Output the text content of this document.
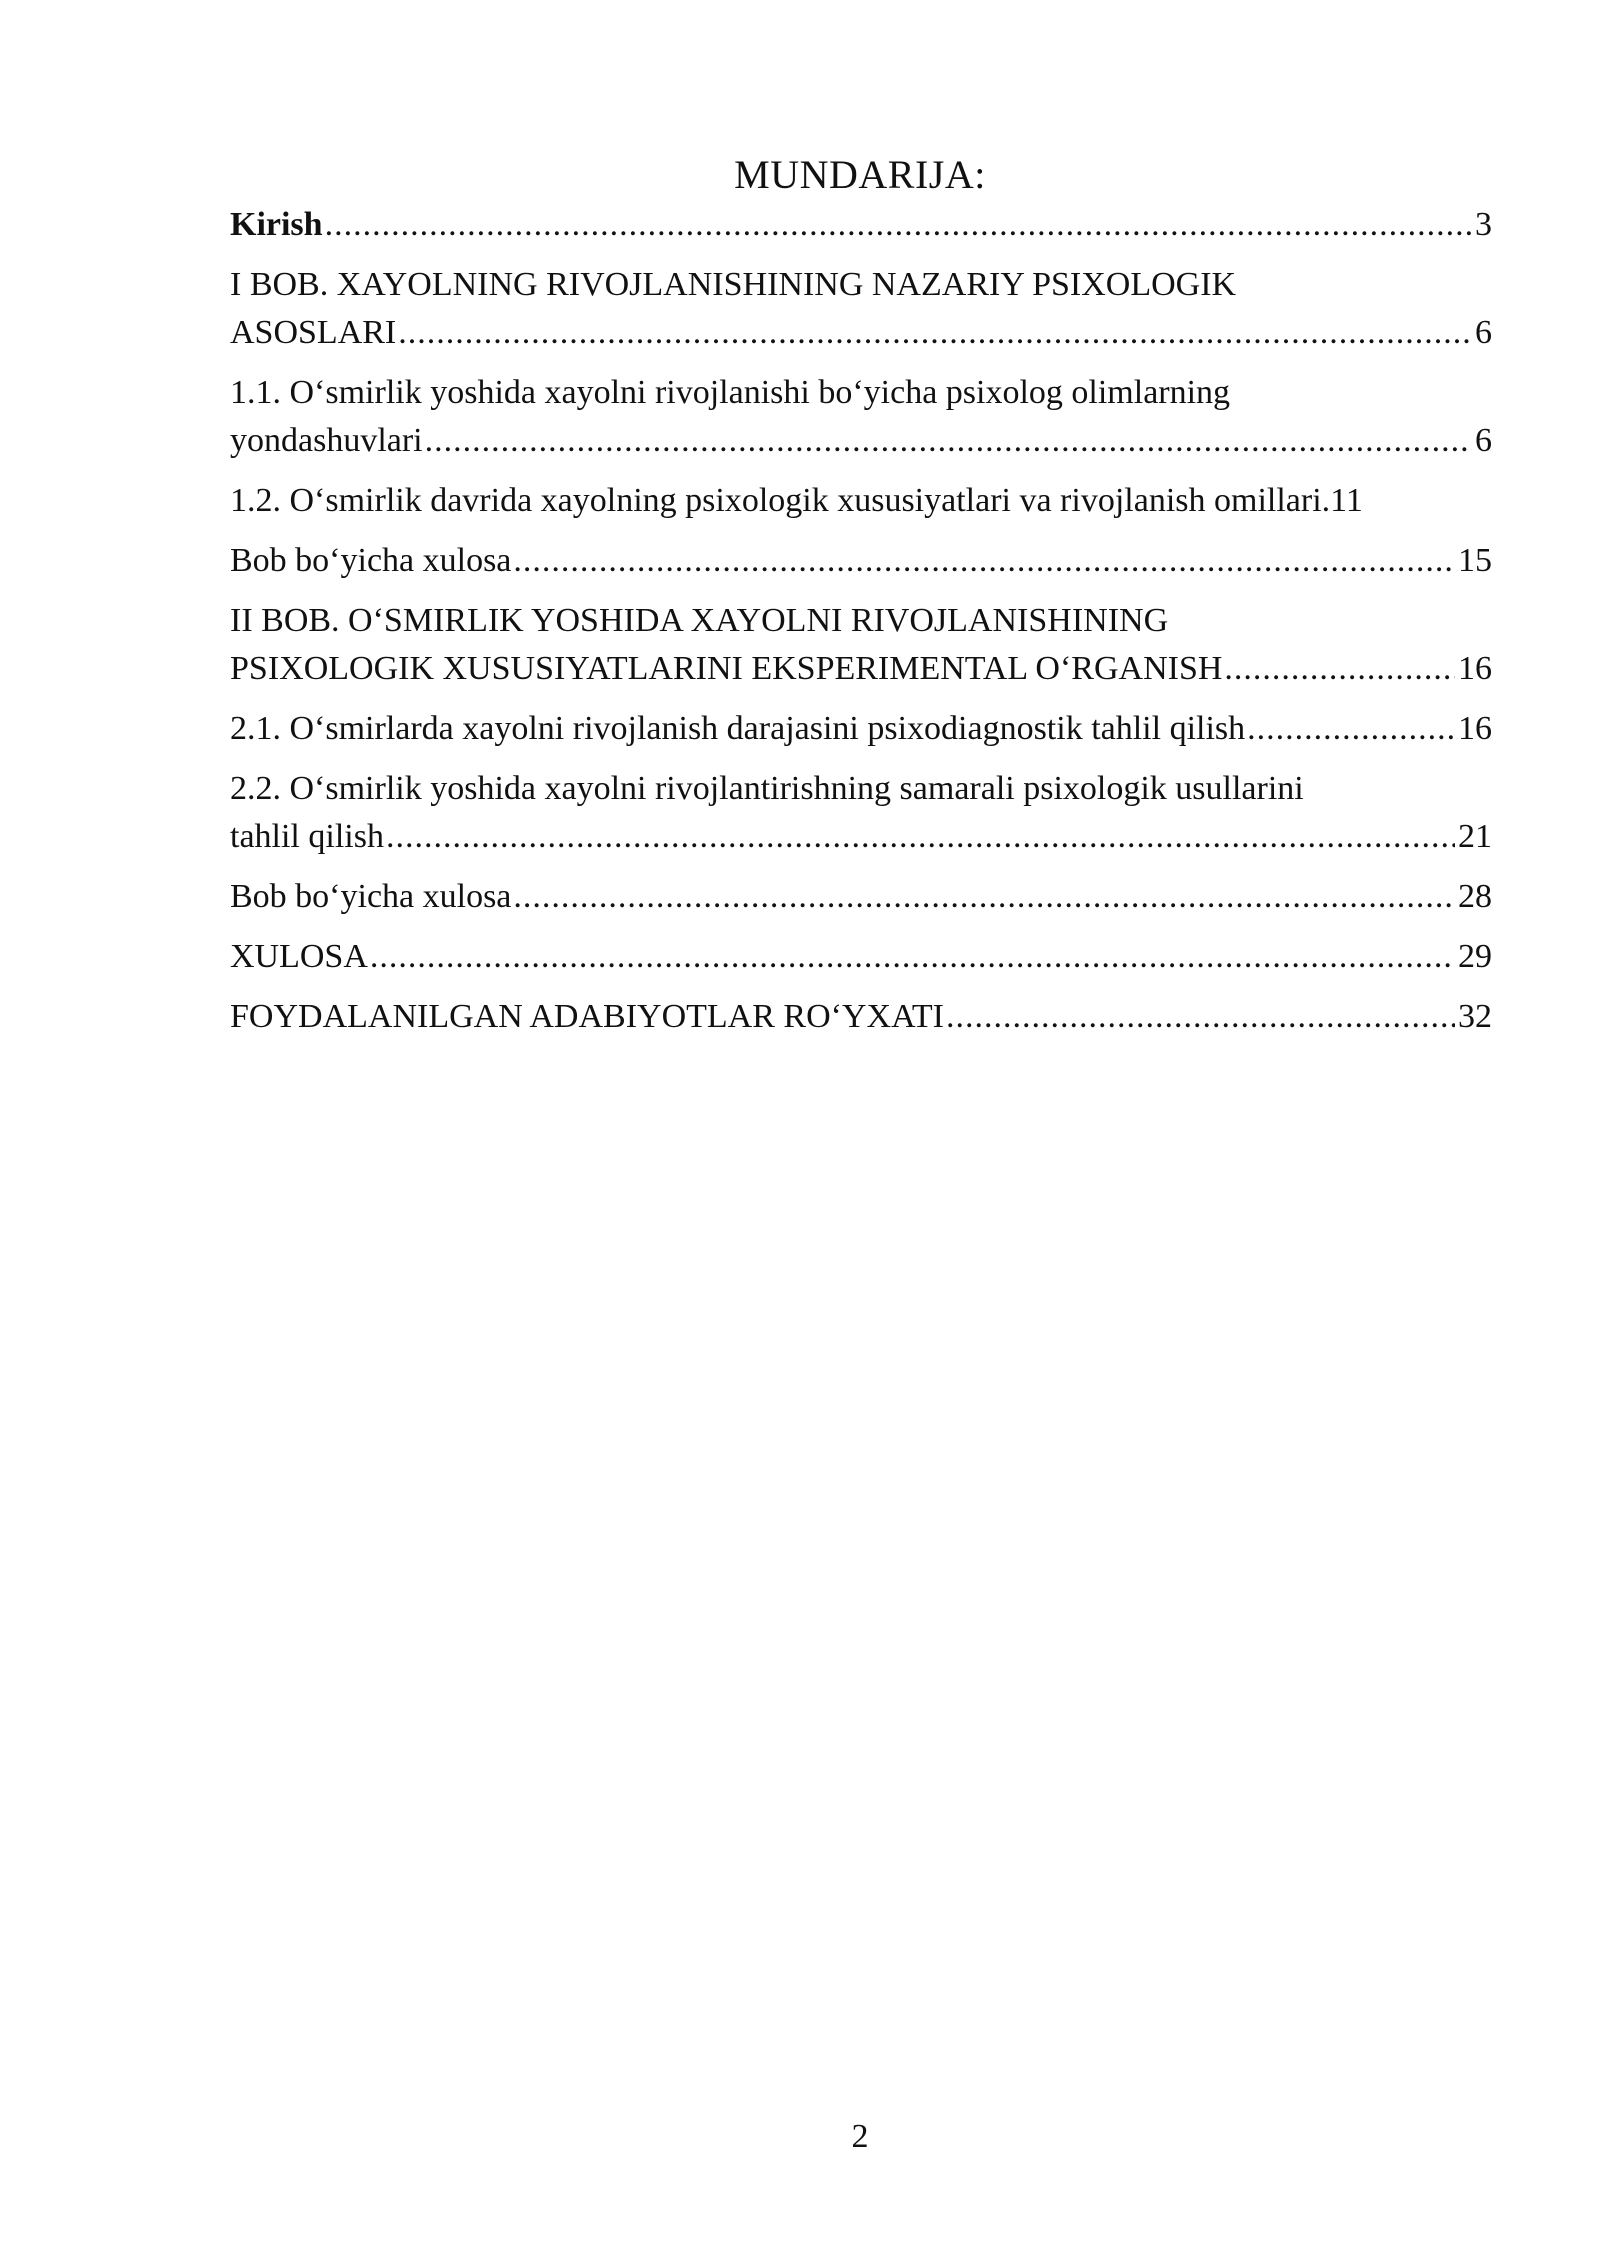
MUNDARIJA:
Kirish .....	3
I BOB. XAYOLNING RIVOJLANISHINING NAZARIY PSIXOLOGIK
ASOSLARI .....	6
1.1. O‘smirlik yoshida xayolni rivojlanishi bo‘yicha psixolog olimlarning
yondashuvlari .....	6
1.2. O‘smirlik davrida xayolning psixologik xususiyatlari va rivojlanish omillari. 11
Bob bo‘yicha xulosa .....	15
II BOB. O‘SMIRLIK YOSHIDA XAYOLNI RIVOJLANISHINING
PSIXOLOGIK XUSUSIYATLARINI EKSPERIMENTAL O‘RGANISH .....	16
2.1. O‘smirlarda xayolni rivojlanish darajasini psixodiagnostik tahlil qilish .....	16
2.2. O‘smirlik yoshida xayolni rivojlantirishning samarali psixologik usullarini
tahlil qilish .....	21
Bob bo‘yicha xulosa .....	28
XULOSA .....	29
FOYDALANILGAN ADABIYOTLAR RO‘YXATI .....	32
2
